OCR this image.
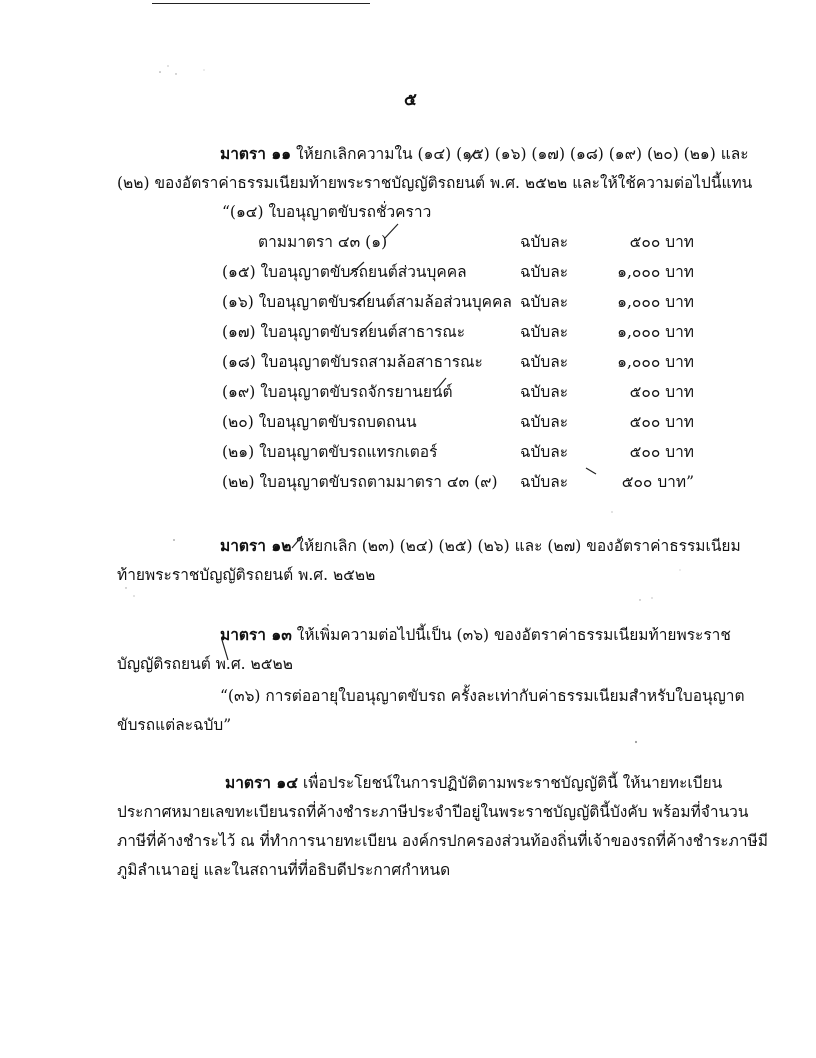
๕
มาตรา ๑๑ ให้ยกเลิกความใน (๑๔) (๑๕) (๑๖) (๑๗) (๑๘) (๑๙) (๒๐) (๒๑) และ
(๒๒) ของอัตราค่าธรรมเนียมท้ายพระราชบัญญัติรถยนต์ พ.ศ. ๒๕๒๒ และให้ใช้ความต่อไปนี้แทน
“(๑๔) ใบอนุญาตขับรถชั่วคราว
ตามมาตรา ๔๓ (๑)	ฉบับละ	๕๐๐ บาท
(๑๕) ใบอนุญาตขับรถยนต์ส่วนบุคคล	ฉบับละ	๑,๐๐๐ บาท
(๑๖) ใบอนุญาตขับรถยนต์สามล้อส่วนบุคคล ฉบับละ	๑,๐๐๐ บาท
(๑๗) ใบอนุญาตขับรถยนต์สาธารณะ	ฉบับละ	๑,๐๐๐ บาท
(๑๘) ใบอนุญาตขับรถสามล้อสาธารณะ ฉบับละ	๑,๐๐๐ บาท
(๑๙) ใบอนุญาตขับรถจักรยานยนต์	ฉบับละ	๕๐๐ บาท
(๒๐) ใบอนุญาตขับรถบดถนน	ฉบับละ	๕๐๐ บาท
(๒๑) ใบอนุญาตขับรถแทรกเตอร์	ฉบับละ	๕๐๐ บาท
(๒๒) ใบอนุญาตขับรถตามมาตรา ๔๓ (๙) ฉบับละ	๕๐๐ บาท”
มาตรา ๑๒ ให้ยกเลิก (๒๓) (๒๔) (๒๕) (๒๖) และ (๒๗) ของอัตราค่าธรรมเนียม
ท้ายพระราชบัญญัติรถยนต์ พ.ศ. ๒๕๒๒
มาตรา ๑๓ ให้เพิ่มความต่อไปนี้เป็น (๓๖) ของอัตราค่าธรรมเนียมท้ายพระราช
บัญญัติรถยนต์ พ.ศ. ๒๕๒๒
“(๓๖) การต่ออายุใบอนุญาตขับรถ ครั้งละเท่ากับค่าธรรมเนียมสำหรับใบอนุญาต
ขับรถแต่ละฉบับ”
มาตรา ๑๔ เพื่อประโยชน์ในการปฏิบัติตามพระราชบัญญัตินี้ ให้นายทะเบียน
ประกาศหมายเลขทะเบียนรถที่ค้างชำระภาษีประจำปีอยู่ในพระราชบัญญัตินี้บังคับ พร้อมที่จำนวน
ภาษีที่ค้างชำระไว้ ณ ที่ทำการนายทะเบียน องค์กรปกครองส่วนท้องถิ่นที่เจ้าของรถที่ค้างชำระภาษีมี
ภูมิลำเนาอยู่ และในสถานที่ที่อธิบดีประกาศกำหนด
